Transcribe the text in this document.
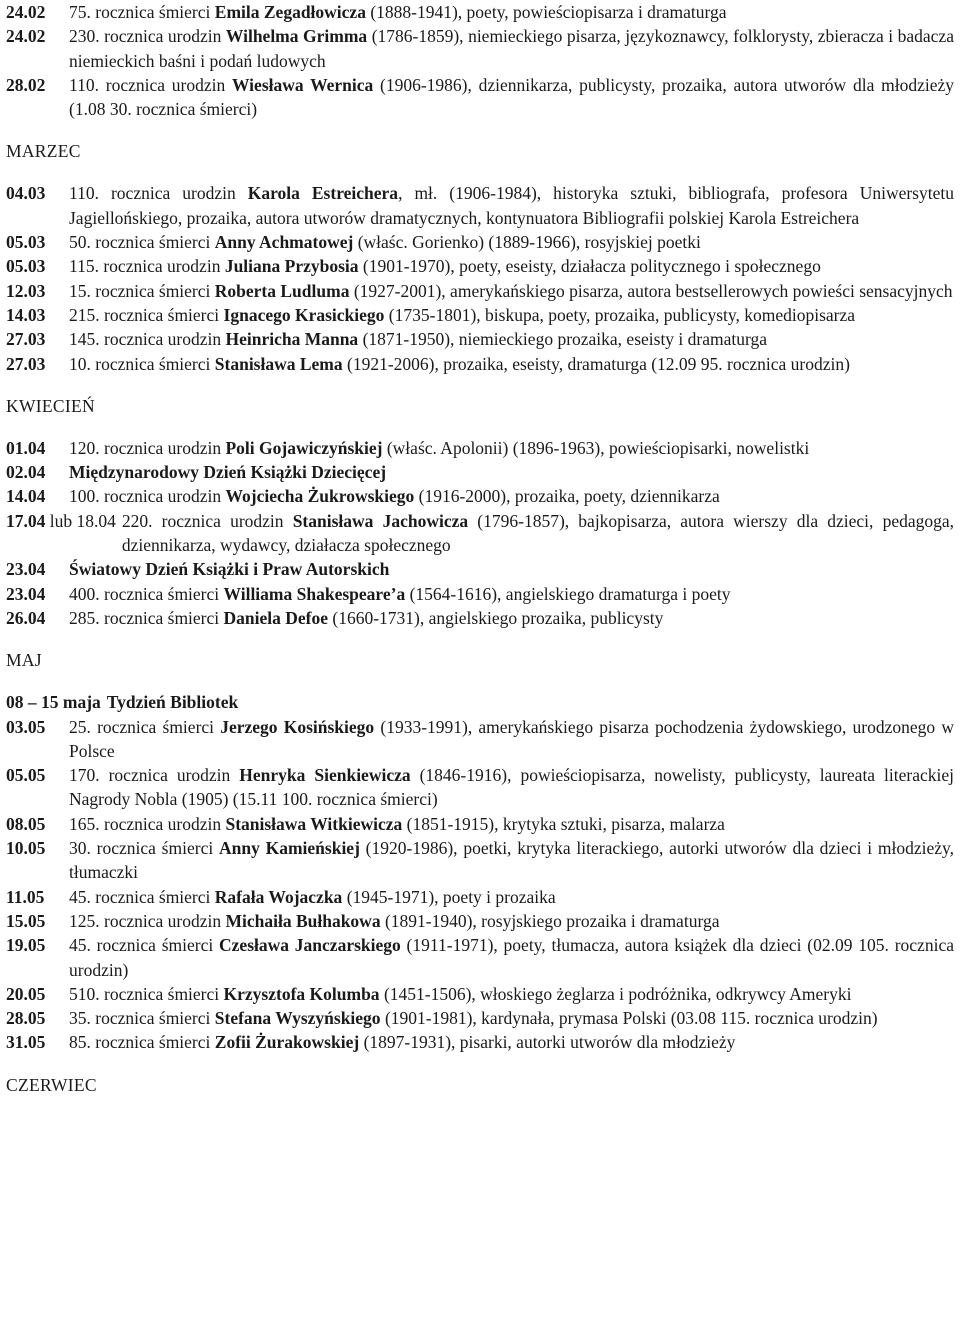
24.02	75. rocznica śmierci Emila Zegadłowicza (1888-1941), poety, powieściopisarza i dramaturga
24.02	230. rocznica urodzin Wilhelma Grimma (1786-1859), niemieckiego pisarza, językoznawcy, folklorysty, zbieracza i badacza niemieckich baśni i podań ludowych
28.02	110. rocznica urodzin Wiesława Wernica (1906-1986), dziennikarza, publicysty, prozaika, autora utworów dla młodzieży (1.08 30. rocznica śmierci)
MARZEC
04.03	110. rocznica urodzin Karola Estreichera, mł. (1906-1984), historyka sztuki, bibliografa, profesora Uniwersytetu Jagiellońskiego, prozaika, autora utworów dramatycznych, kontynuatora Bibliografii polskiej Karola Estreichera
05.03	50. rocznica śmierci Anny Achmatowej (właśc. Gorienko) (1889-1966), rosyjskiej poetki
05.03	115. rocznica urodzin Juliana Przybosia (1901-1970), poety, eseisty, działacza politycznego i społecznego
12.03	15. rocznica śmierci Roberta Ludluma (1927-2001), amerykańskiego pisarza, autora bestsellerowych powieści sensacyjnych
14.03	215. rocznica śmierci Ignacego Krasickiego (1735-1801), biskupa, poety, prozaika, publicysty, komediopisarza
27.03	145. rocznica urodzin Heinricha Manna (1871-1950), niemieckiego prozaika, eseisty i dramaturga
27.03	10. rocznica śmierci Stanisława Lema (1921-2006), prozaika, eseisty, dramaturga (12.09 95. rocznica urodzin)
KWIECIEŃ
01.04	120. rocznica urodzin Poli Gojawiczyńskiej (właśc. Apolonii) (1896-1963), powieściopisarki, nowelistki
02.04	Międzynarodowy Dzień Książki Dziecięcej
14.04	100. rocznica urodzin Wojciecha Żukrowskiego (1916-2000), prozaika, poety, dziennikarza
17.04 lub 18.04 220. rocznica urodzin Stanisława Jachowicza (1796-1857), bajkopisarza, autora wierszy dla dzieci, pedagoga, dziennikarza, wydawcy, działacza społecznego
23.04	Światowy Dzień Książki i Praw Autorskich
23.04	400. rocznica śmierci Williama Shakespeare’a (1564-1616), angielskiego dramaturga i poety
26.04	285. rocznica śmierci Daniela Defoe (1660-1731), angielskiego prozaika, publicysty
MAJ
08 – 15 maja Tydzień Bibliotek
03.05	25. rocznica śmierci Jerzego Kosińskiego (1933-1991), amerykańskiego pisarza pochodzenia żydowskiego, urodzonego w Polsce
05.05	170. rocznica urodzin Henryka Sienkiewicza (1846-1916), powieściopisarza, nowelisty, publicysty, laureata literackiej Nagrody Nobla (1905) (15.11 100. rocznica śmierci)
08.05	165. rocznica urodzin Stanisława Witkiewicza (1851-1915), krytyka sztuki, pisarza, malarza
10.05	30. rocznica śmierci Anny Kamieńskiej (1920-1986), poetki, krytyka literackiego, autorki utworów dla dzieci i młodzieży, tłumaczki
11.05	45. rocznica śmierci Rafała Wojaczka (1945-1971), poety i prozaika
15.05	125. rocznica urodzin Michaiła Bułhakowa (1891-1940), rosyjskiego prozaika i dramaturga
19.05	45. rocznica śmierci Czesława Janczarskiego (1911-1971), poety, tłumacza, autora książek dla dzieci (02.09 105. rocznica urodzin)
20.05	510. rocznica śmierci Krzysztofa Kolumba (1451-1506), włoskiego żeglarza i podróżnika, odkrywcy Ameryki
28.05	35. rocznica śmierci Stefana Wyszyńskiego (1901-1981), kardynała, prymasa Polski (03.08 115. rocznica urodzin)
31.05	85. rocznica śmierci Zofii Żurakowskiej (1897-1931), pisarki, autorki utworów dla młodzieży
CZERWIEC
